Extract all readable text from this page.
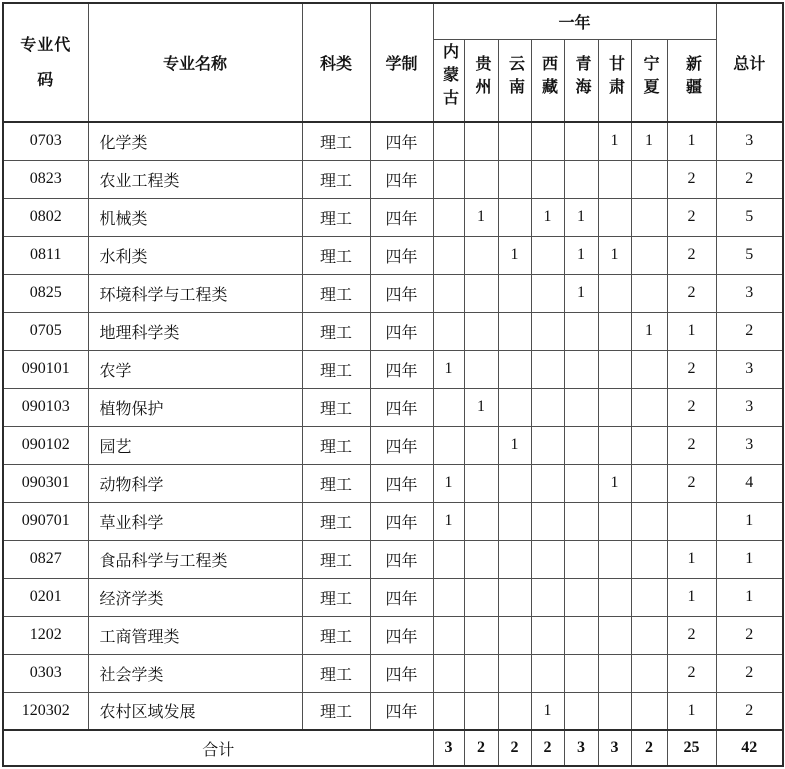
专业代码	专业名称	科类	学制	一年								总计
				内蒙古	贵州	云南	西藏	青海	甘肃	宁夏	新疆	
0703	化学类	理工	四年						1	1	1	3
0823	农业工程类	理工	四年								2	2
0802	机械类	理工	四年		1		1	1			2	5
0811	水利类	理工	四年			1		1	1		2	5
0825	环境科学与工程类	理工	四年					1			2	3
0705	地理科学类	理工	四年							1	1	2
090101	农学	理工	四年	1							2	3
090103	植物保护	理工	四年		1						2	3
090102	园艺	理工	四年			1					2	3
090301	动物科学	理工	四年	1					1		2	4
090701	草业科学	理工	四年	1								1
0827	食品科学与工程类	理工	四年								1	1
0201	经济学类	理工	四年								1	1
1202	工商管理类	理工	四年								2	2
0303	社会学类	理工	四年								2	2
120302	农村区域发展	理工	四年				1				1	2
合计				3	2	2	2	3	3	2	25	42
